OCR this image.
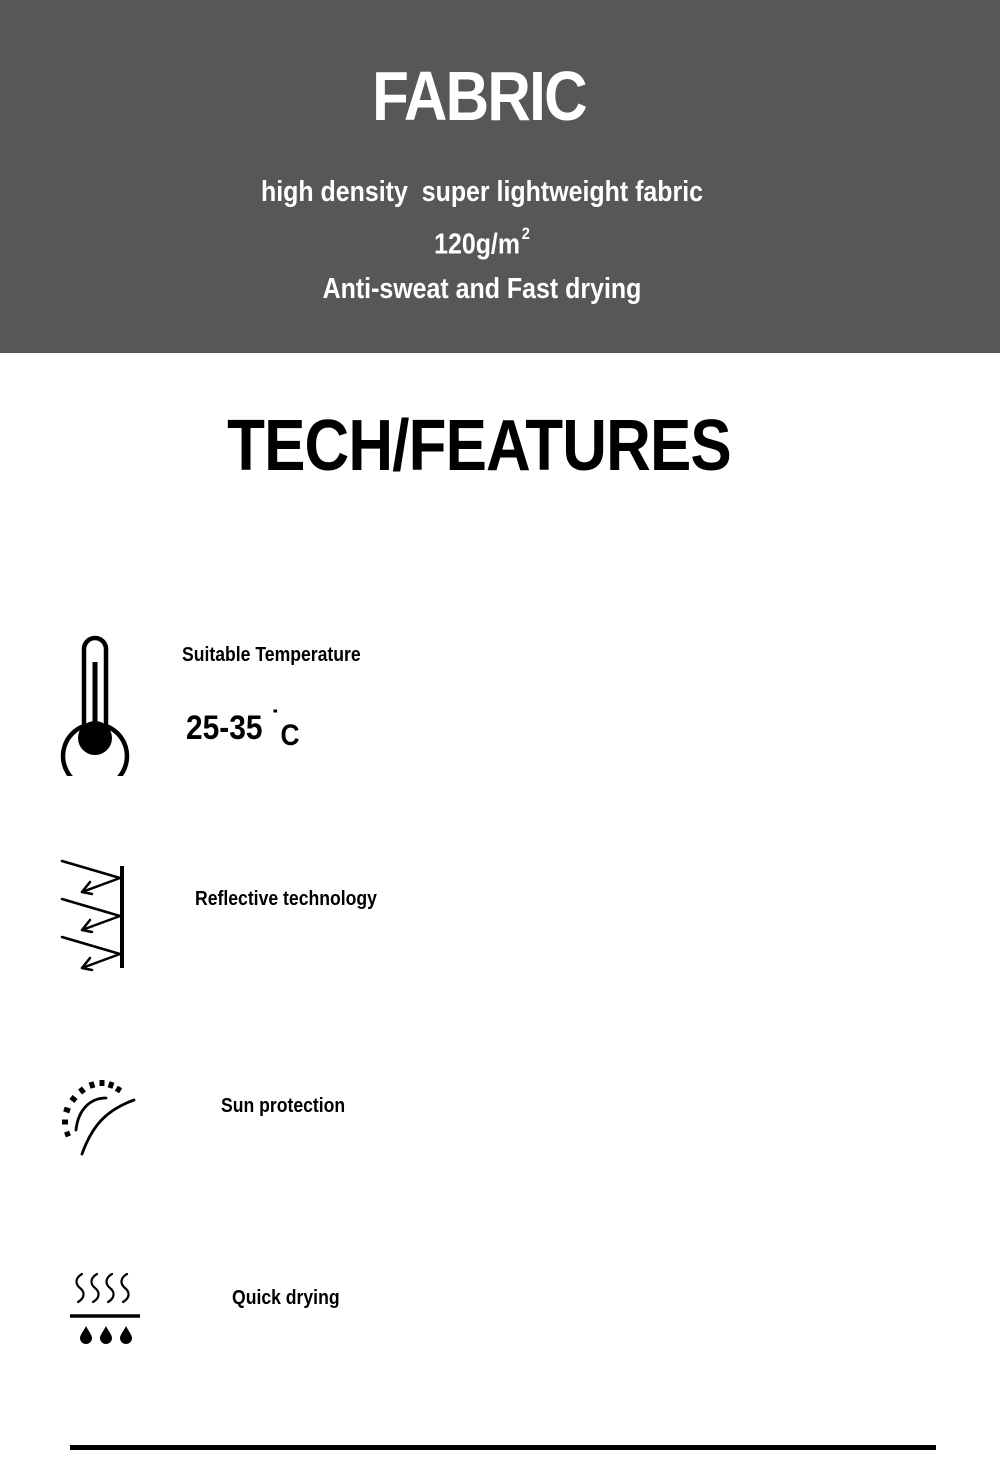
FABRIC
high density  super lightweight fabric
120g/m $^2$
Anti-sweat and Fast drying
TECH/FEATURES
Suitable Temperature
25-35 ˙C
Reflective technology
Sun protection
Quick drying
